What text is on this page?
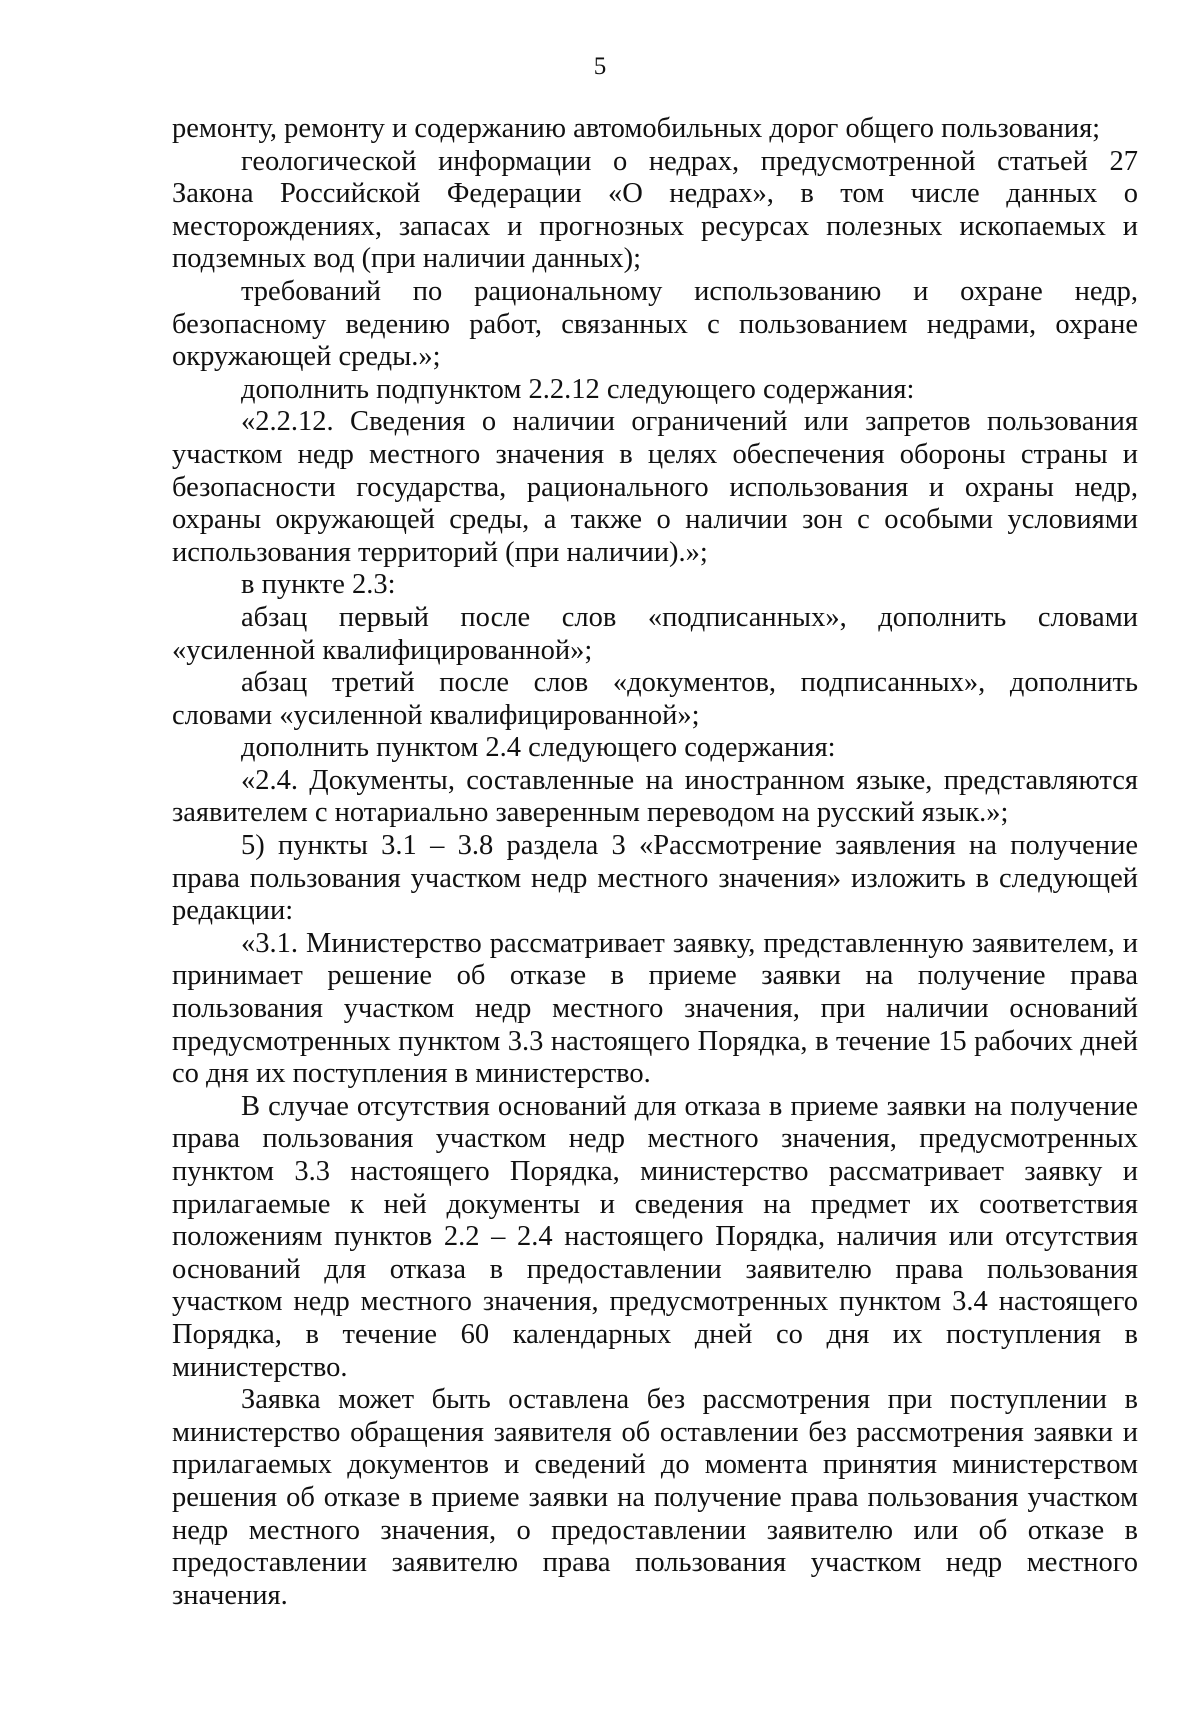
5

ремонту, ремонту и содержанию автомобильных дорог общего пользования;

геологической информации о недрах, предусмотренной статьей 27 Закона Российской Федерации «О недрах», в том числе данных о месторождениях, запасах и прогнозных ресурсах полезных ископаемых и подземных вод (при наличии данных);

требований по рациональному использованию и охране недр, безопасному ведению работ, связанных с пользованием недрами, охране окружающей среды.»;

дополнить подпунктом 2.2.12 следующего содержания:

«2.2.12. Сведения о наличии ограничений или запретов пользования участком недр местного значения в целях обеспечения обороны страны и безопасности государства, рационального использования и охраны недр, охраны окружающей среды, а также о наличии зон с особыми условиями использования территорий (при наличии).»;

в пункте 2.3:

абзац первый после слов «подписанных», дополнить словами «усиленной квалифицированной»;

абзац третий после слов «документов, подписанных», дополнить словами «усиленной квалифицированной»;

дополнить пунктом 2.4 следующего содержания:

«2.4. Документы, составленные на иностранном языке, представляются заявителем с нотариально заверенным переводом на русский язык.»;

5) пункты 3.1 – 3.8 раздела 3 «Рассмотрение заявления на получение права пользования участком недр местного значения» изложить в следующей редакции:

«3.1. Министерство рассматривает заявку, представленную заявителем, и принимает решение об отказе в приеме заявки на получение права пользования участком недр местного значения, при наличии оснований предусмотренных пунктом 3.3 настоящего Порядка, в течение 15 рабочих дней со дня их поступления в министерство.

В случае отсутствия оснований для отказа в приеме заявки на получение права пользования участком недр местного значения, предусмотренных пунктом 3.3 настоящего Порядка, министерство рассматривает заявку и прилагаемые к ней документы и сведения на предмет их соответствия положениям пунктов 2.2 – 2.4 настоящего Порядка, наличия или отсутствия оснований для отказа в предоставлении заявителю права пользования участком недр местного значения, предусмотренных пунктом 3.4 настоящего Порядка, в течение 60 календарных дней со дня их поступления в министерство.

Заявка может быть оставлена без рассмотрения при поступлении в министерство обращения заявителя об оставлении без рассмотрения заявки и прилагаемых документов и сведений до момента принятия министерством решения об отказе в приеме заявки на получение права пользования участком недр местного значения, о предоставлении заявителю или об отказе в предоставлении заявителю права пользования участком недр местного значения.
